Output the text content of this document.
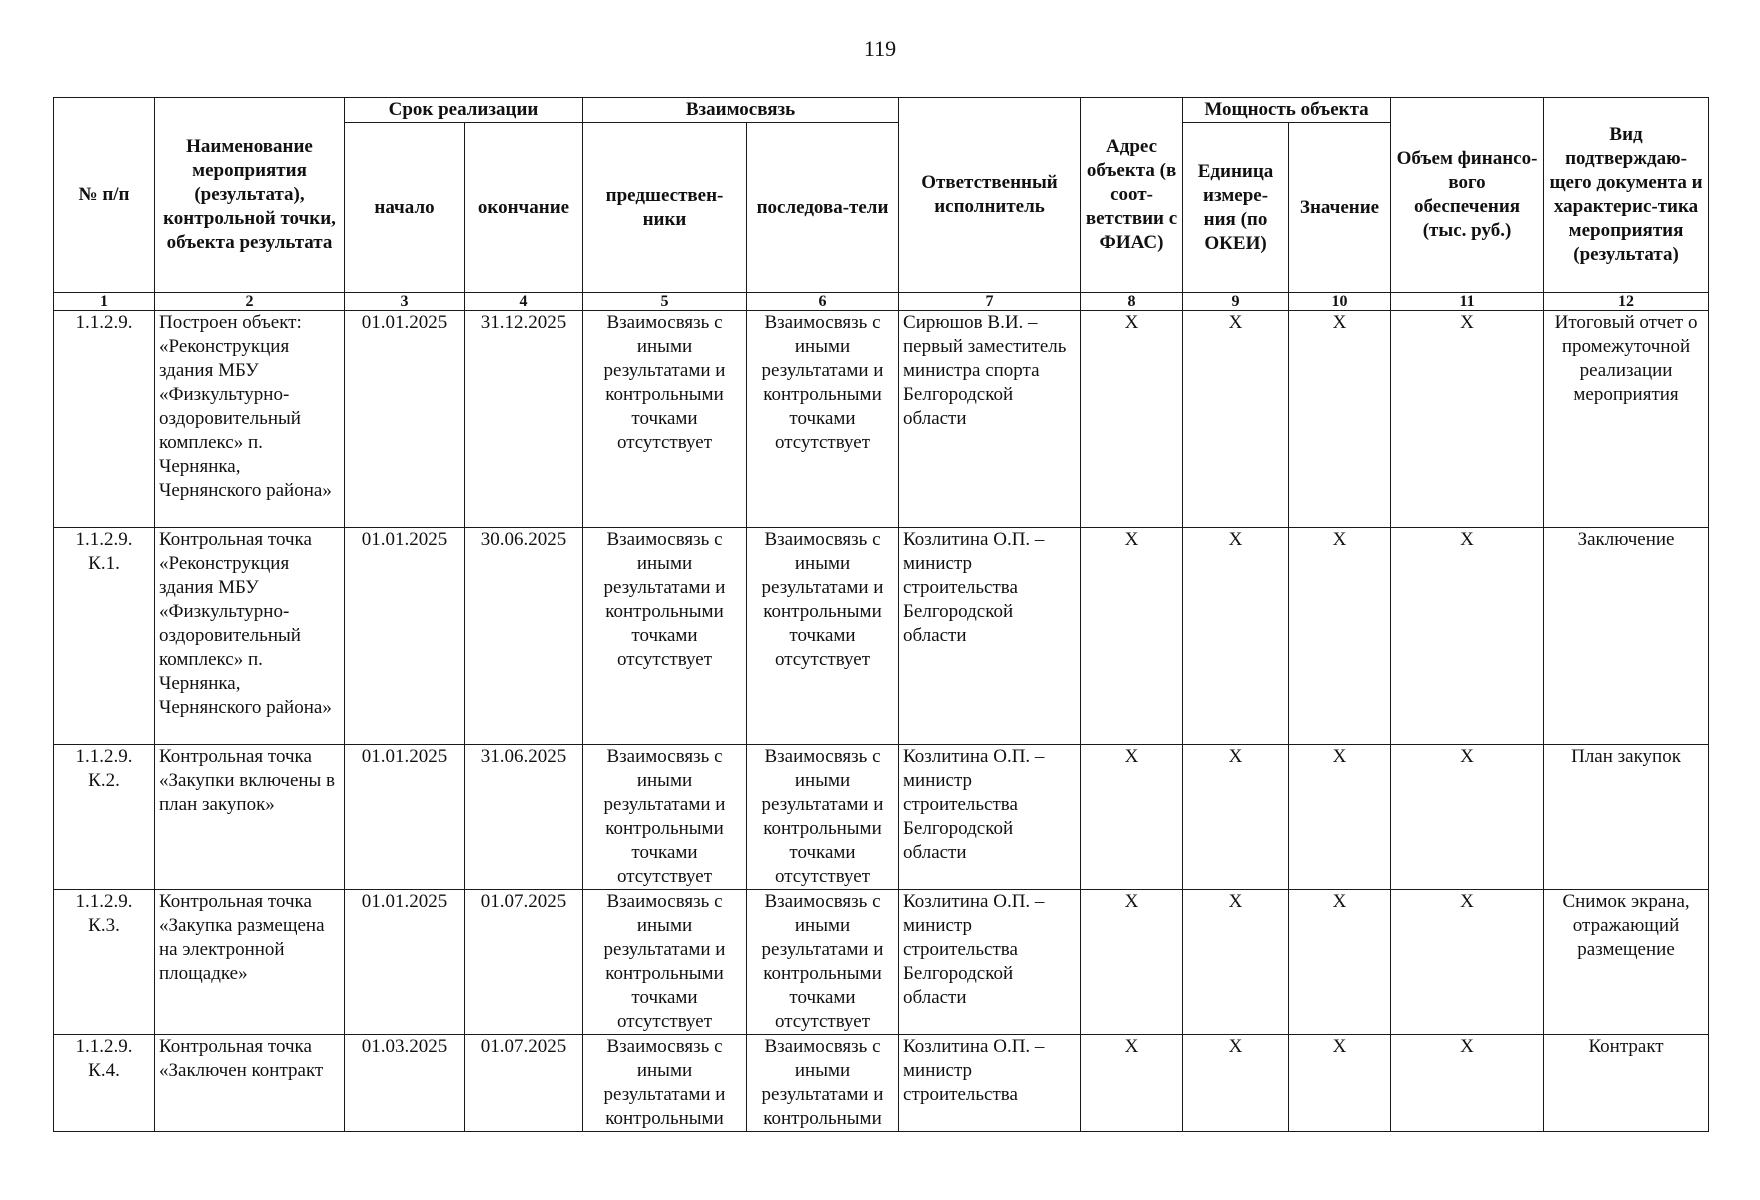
119
№ п/п	Наименование мероприятия (результата), контрольной точки, объекта результата	Срок реализации		Взаимосвязь		Ответственный исполнитель	Адрес объекта (в соот-ветствии с ФИАС)	Мощность объекта		Объем финансо-вого обеспечения (тыс. руб.)	Вид подтверждаю-щего документа и характерис-тика мероприятия (результата)
		начало	окончание	предшествен-ники	последова-тели			Единица измере-ния (по ОКЕИ)	Значение		
1	2	3	4	5	6	7	8	9	10	11	12
1.1.2.9.	Построен объект: «Реконструкция здания МБУ «Физкультурно-оздоровительный комплекс» п. Чернянка, Чернянского района»	01.01.2025	31.12.2025	Взаимосвязь с иными результатами и контрольными точками отсутствует	Взаимосвязь с иными результатами и контрольными точками отсутствует	Сирюшов В.И. – первый заместитель министра спорта Белгородской области	X	X	X	X	Итоговый отчет о промежуточной реализации мероприятия
1.1.2.9. К.1.	Контрольная точка «Реконструкция здания МБУ «Физкультурно-оздоровительный комплекс» п. Чернянка, Чернянского района»	01.01.2025	30.06.2025	Взаимосвязь с иными результатами и контрольными точками отсутствует	Взаимосвязь с иными результатами и контрольными точками отсутствует	Козлитина О.П. – министр строительства Белгородской области	X	X	X	X	Заключение
1.1.2.9. К.2.	Контрольная точка «Закупки включены в план закупок»	01.01.2025	31.06.2025	Взаимосвязь с иными результатами и контрольными точками отсутствует	Взаимосвязь с иными результатами и контрольными точками отсутствует	Козлитина О.П. – министр строительства Белгородской области	X	X	X	X	План закупок
1.1.2.9. К.3.	Контрольная точка «Закупка размещена на электронной площадке»	01.01.2025	01.07.2025	Взаимосвязь с иными результатами и контрольными точками отсутствует	Взаимосвязь с иными результатами и контрольными точками отсутствует	Козлитина О.П. – министр строительства Белгородской области	X	X	X	X	Снимок экрана, отражающий размещение
1.1.2.9. К.4.	Контрольная точка «Заключен контракт	01.03.2025	01.07.2025	Взаимосвязь с иными результатами и контрольными	Взаимосвязь с иными результатами и контрольными	Козлитина О.П. – министр строительства	X	X	X	X	Контракт
